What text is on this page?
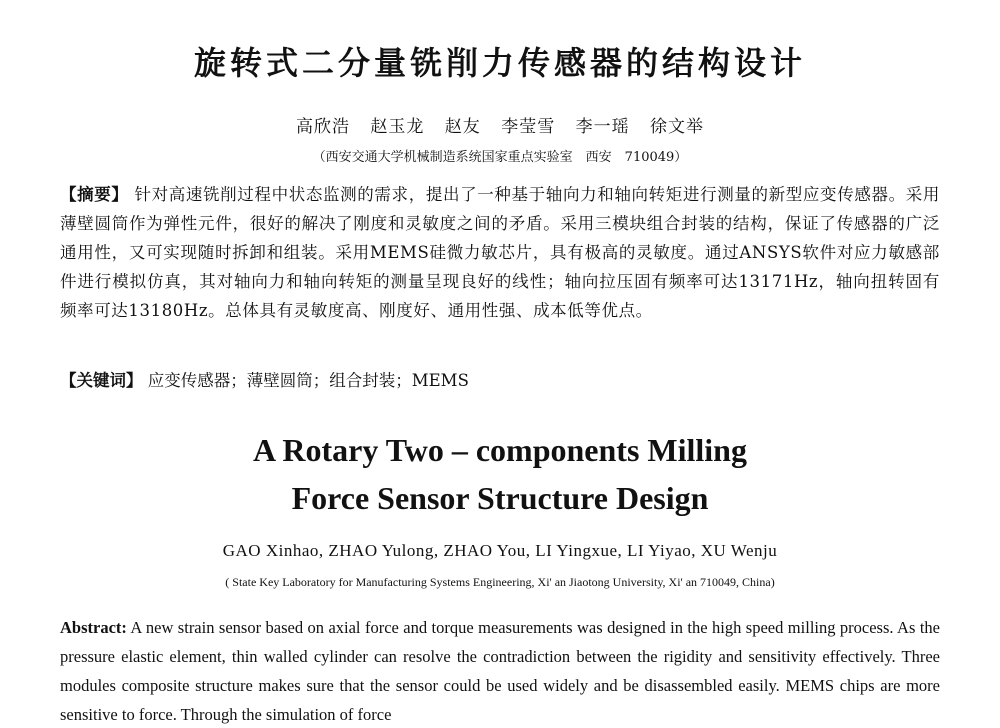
旋转式二分量铣削力传感器的结构设计
高欣浩 赵玉龙 赵友 李莹雪 李一瑶 徐文举
（西安交通大学机械制造系统国家重点实验室　西安　710049）
【摘要】 针对高速铣削过程中状态监测的需求，提出了一种基于轴向力和轴向转矩进行测量的新型应变传感器。采用薄壁圆筒作为弹性元件，很好的解决了刚度和灵敏度之间的矛盾。采用三模块组合封装的结构，保证了传感器的广泛通用性，又可实现随时拆卸和组装。采用MEMS硅微力敏芯片，具有极高的灵敏度。通过ANSYS软件对应力敏感部件进行模拟仿真，其对轴向力和轴向转矩的测量呈现良好的线性；轴向拉压固有频率可达13171Hz，轴向扭转固有频率可达13180Hz。总体具有灵敏度高、刚度好、通用性强、成本低等优点。
【关键词】 应变传感器；薄壁圆筒；组合封装；MEMS
A Rotary Two – components Milling
Force Sensor Structure Design
GAO Xinhao, ZHAO Yulong, ZHAO You, LI Yingxue, LI Yiyao, XU Wenju
( State Key Laboratory for Manufacturing Systems Engineering, Xi' an Jiaotong University, Xi' an 710049, China)
Abstract: A new strain sensor based on axial force and torque measurements was designed in the high speed milling process. As the pressure elastic element, thin walled cylinder can resolve the contradiction between the rigidity and sensitivity effectively. Three modules composite structure makes sure that the sensor could be used widely and be disassembled easily. MEMS chips are more sensitive to force. Through the simulation of force
